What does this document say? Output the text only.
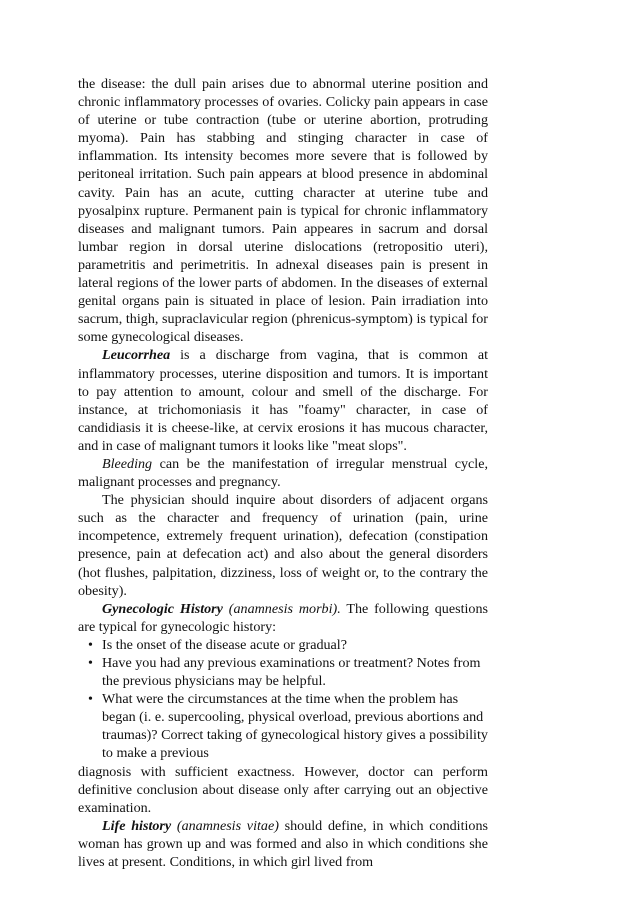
the disease: the dull pain arises due to abnormal uterine position and chronic inflammatory processes of ovaries. Colicky pain appears in case of uterine or tube contraction (tube or uterine abortion, protruding myoma). Pain has stabbing and stinging character in case of inflammation. Its intensity becomes more severe that is followed by peritoneal irritation. Such pain appears at blood presence in abdominal cavity. Pain has an acute, cutting character at uterine tube and pyosalpinx rupture. Permanent pain is typical for chronic inflammatory diseases and malignant tumors. Pain appeares in sacrum and dorsal lumbar region in dorsal uterine dislocations (retropositio uteri), parametritis and perimetritis. In adnexal diseases pain is present in lateral regions of the lower parts of abdomen. In the diseases of external genital organs pain is situated in place of lesion. Pain irradiation into sacrum, thigh, supraclavicular region (phrenicus-symptom) is typical for some gynecological diseases.

Leucorrhea is a discharge from vagina, that is common at inflammatory processes, uterine disposition and tumors. It is important to pay attention to amount, colour and smell of the discharge. For instance, at trichomoniasis it has "foamy" character, in case of candidiasis it is cheese-like, at cervix erosions it has mucous character, and in case of malignant tumors it looks like "meat slops".

Bleeding can be the manifestation of irregular menstrual cycle, malignant processes and pregnancy.

The physician should inquire about disorders of adjacent organs such as the character and frequency of urination (pain, urine incompetence, extremely frequent urination), defecation (constipation presence, pain at defecation act) and also about the general disorders (hot flushes, palpitation, dizziness, loss of weight or, to the contrary the obesity).

Gynecologic History (anamnesis morbi). The following questions are typical for gynecologic history:

• Is the onset of the disease acute or gradual?
• Have you had any previous examinations or treatment? Notes from the previous physicians may be helpful.
• What were the circumstances at the time when the problem has began (i. e. supercooling, physical overload, previous abortions and traumas)? Correct taking of gynecological history gives a possibility to make a previous

diagnosis with sufficient exactness. However, doctor can perform definitive conclusion about disease only after carrying out an objective examination.

Life history (anamnesis vitae) should define, in which conditions woman has grown up and was formed and also in which conditions she lives at present. Conditions, in which girl lived from
